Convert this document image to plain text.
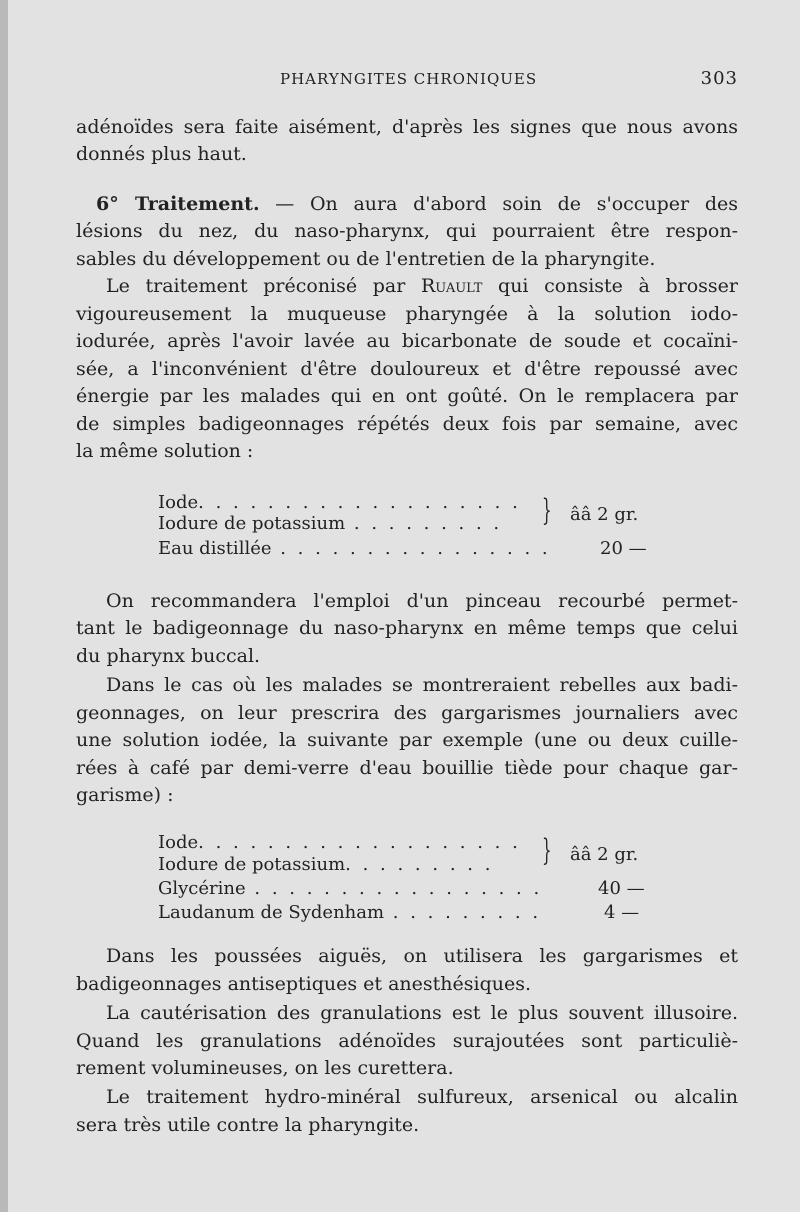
PHARYNGITES CHRONIQUES	303
adénoïdes sera faite aisément, d'après les signes que nous avons
donnés plus haut.
6° Traitement. — On aura d'abord soin de s'occuper des
lésions du nez, du naso-pharynx, qui pourraient être respon-
sables du développement ou de l'entretien de la pharyngite.
Le traitement préconisé par Ruault qui consiste à brosser
vigoureusement la muqueuse pharyngée à la solution iodo-
iodurée, après l'avoir lavée au bicarbonate de soude et cocaïni-
sée, a l'inconvénient d'être douloureux et d'être repoussé avec
énergie par les malades qui en ont goûté. On le remplacera par
de simples badigeonnages répétés deux fois par semaine, avec
la même solution :
On recommandera l'emploi d'un pinceau recourbé permet-
tant le badigeonnage du naso-pharynx en même temps que celui
du pharynx buccal.
Dans le cas où les malades se montreraient rebelles aux badi-
geonnages, on leur prescrira des gargarismes journaliers avec
une solution iodée, la suivante par exemple (une ou deux cuille-
rées à café par demi-verre d'eau bouillie tiède pour chaque gar-
garisme) :
Dans les poussées aiguës, on utilisera les gargarismes et
badigeonnages antiseptiques et anesthésiques.
La cautérisation des granulations est le plus souvent illusoire.
Quand les granulations adénoïdes surajoutées sont particuliè-
rement volumineuses, on les curettera.
Le traitement hydro-minéral sulfureux, arsenical ou alcalin
sera très utile contre la pharyngite.
Iode. . . . . . . . . . . . . . . . . . .
Iodure de potassium . . . . . . . . .
Eau distillée . . . . . . . . . . . . . . . .
} ââ 2 gr.
20 —
Iode. . . . . . . . . . . . . . . . . . .
Iodure de potassium. . . . . . . . .
Glycérine . . . . . . . . . . . . . . . . .
Laudanum de Sydenham . . . . . . . . .
} ââ 2 gr.
40 —
4 —
